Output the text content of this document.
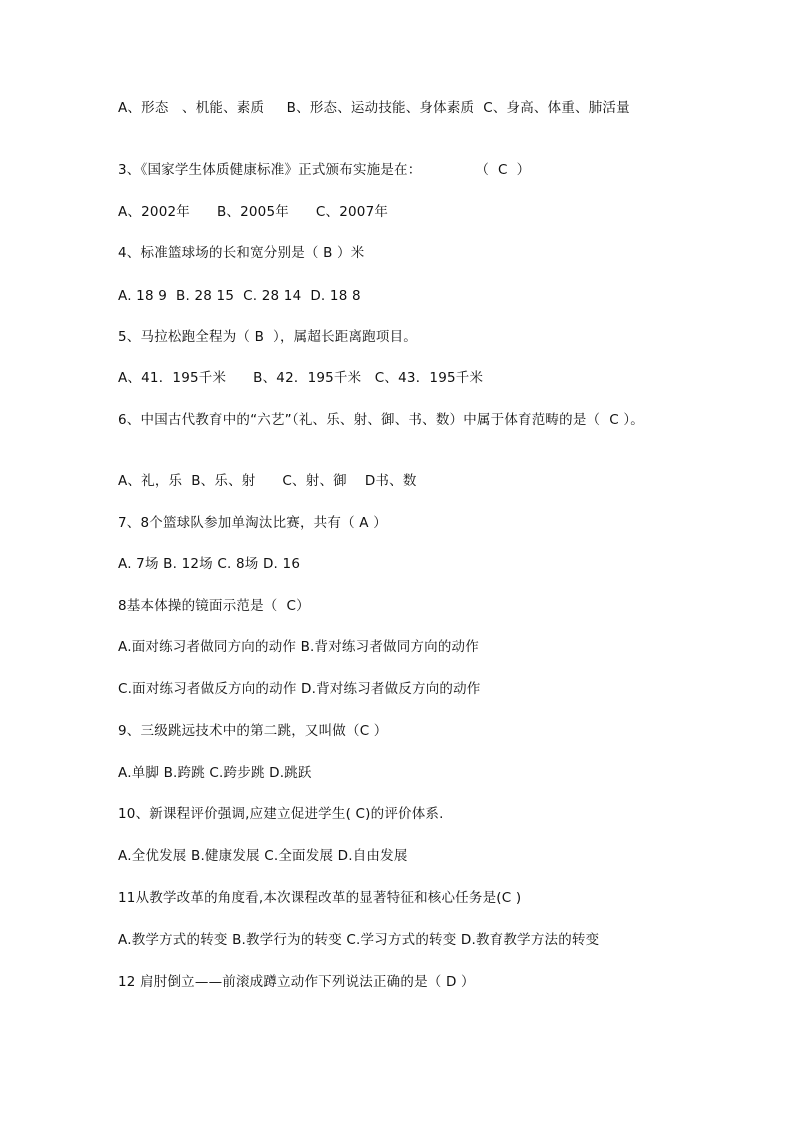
A、形态   、机能、素质     B、形态、运动技能、身体素质  C、身高、体重、肺活量
3、《国家学生体质健康标准》正式颁布实施是在：            （  C  ）
A、2002年      B、2005年      C、2007年
4、标准篮球场的长和宽分别是（ B ）米
A. 18 9  B. 28 15  C. 28 14  D. 18 8
5、马拉松跑全程为（ B  ），属超长距离跑项目。
A、41．195千米      B、42．195千米   C、43．195千米
6、中国古代教育中的“六艺”（礼、乐、射、御、书、数）中属于体育范畴的是（  C ）。
A、礼，乐  B、乐、射      C、射、御    D书、数
7、8个篮球队参加单淘汰比赛，共有（ A ）
A. 7场 B. 12场 C. 8场 D. 16
8基本体操的镜面示范是（  C）
A.面对练习者做同方向的动作 B.背对练习者做同方向的动作
C.面对练习者做反方向的动作 D.背对练习者做反方向的动作
9、三级跳远技术中的第二跳，又叫做（C ）
A.单脚 B.跨跳 C.跨步跳 D.跳跃
10、新课程评价强调,应建立促进学生( C)的评价体系.
A.全优发展 B.健康发展 C.全面发展 D.自由发展
11从教学改革的角度看,本次课程改革的显著特征和核心任务是(C )
A.教学方式的转变 B.教学行为的转变 C.学习方式的转变 D.教育教学方法的转变
12 肩肘倒立——前滚成蹲立动作下列说法正确的是（ D ）
